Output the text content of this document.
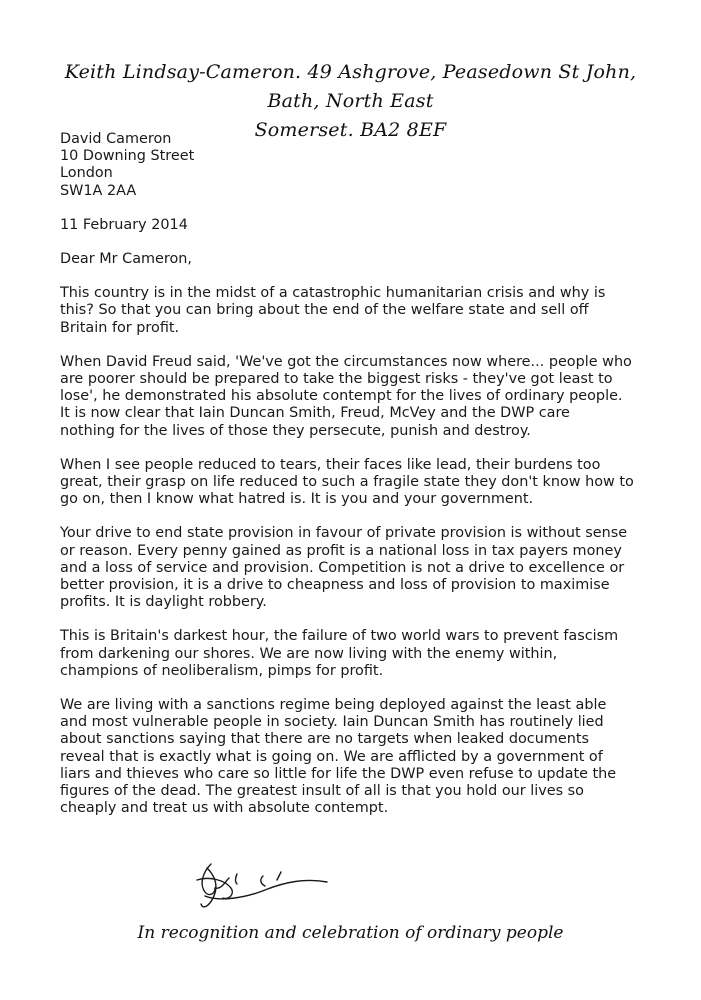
Keith Lindsay-Cameron. 49 Ashgrove, Peasedown St John, Bath, North East
Somerset. BA2 8EF
David Cameron
10 Downing Street
London
SW1A 2AA
11 February 2014
Dear Mr Cameron,
This country is in the midst of a catastrophic humanitarian crisis and why is
this? So that you can bring about the end of the welfare state and sell off
Britain for profit.
When David Freud said, 'We've got the circumstances now where... people who
are poorer should be prepared to take the biggest risks - they've got least to
lose', he demonstrated his absolute contempt for the lives of ordinary people.
It is now clear that Iain Duncan Smith, Freud, McVey and the DWP care
nothing for the lives of those they persecute, punish and destroy.
When I see people reduced to tears, their faces like lead, their burdens too
great, their grasp on life reduced to such a fragile state they don't know how to
go on, then I know what hatred is. It is you and your government.
Your drive to end state provision in favour of private provision is without sense
or reason. Every penny gained as profit is a national loss in tax payers money
and a loss of service and provision. Competition is not a drive to excellence or
better provision, it is a drive to cheapness and loss of provision to maximise
profits. It is daylight robbery.
This is Britain's darkest hour, the failure of two world wars to prevent fascism
from darkening our shores. We are now living with the enemy within,
champions of neoliberalism, pimps for profit.
We are living with a sanctions regime being deployed against the least able
and most vulnerable people in society. Iain Duncan Smith has routinely lied
about sanctions saying that there are no targets when leaked documents
reveal that is exactly what is going on. We are afflicted by a government of
liars and thieves who care so little for life the DWP even refuse to update the
figures of the dead. The greatest insult of all is that you hold our lives so
cheaply and treat us with absolute contempt.
In recognition and celebration of ordinary people
